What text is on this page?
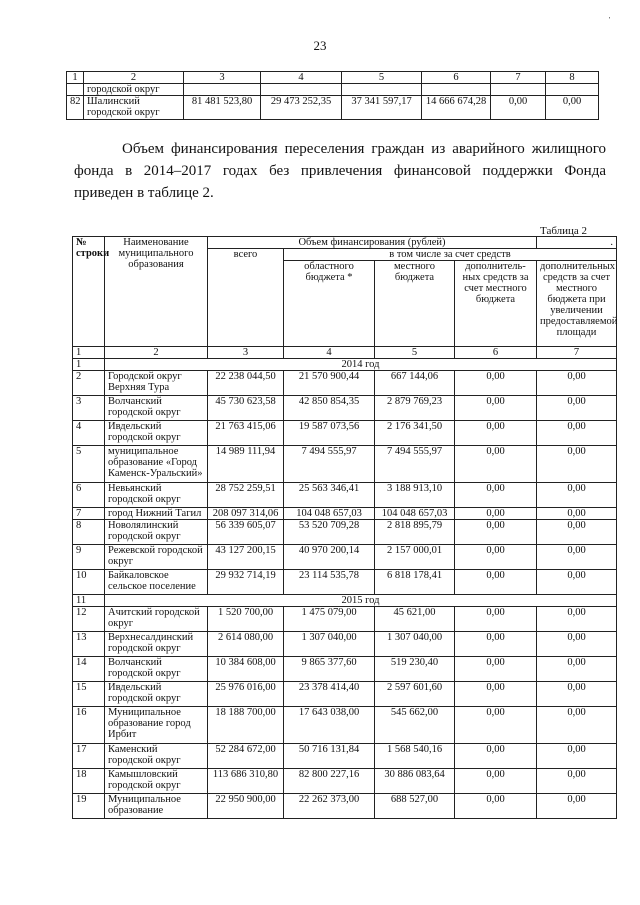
'
23
1	2	3	4	5	6	7	8
	городской округ						
82	Шалинский городской округ	81 481 523,80	29 473 252,35	37 341 597,17	14 666 674,28	0,00	0,00
Объем финансирования переселения граждан из аварийного жилищного фонда в 2014–2017 годах без привлечения финансовой поддержки Фонда приведен в таблице 2.
Таблица 2
№ строки	Наименование муниципального образования	Объем финансирования (рублей)				.
		всего	в том числе за счет средств			
			областного бюджета *	местного бюджета	дополнитель-ных средств за счет местного бюджета	дополнительных средств за счет местного бюджета при увеличении предоставляемой площади
1	2	3	4	5	6	7
1	2014 год					
2	Городской округ Верхняя Тура	22 238 044,50	21 570 900,44	667 144,06	0,00	0,00
3	Волчанский городской округ	45 730 623,58	42 850 854,35	2 879 769,23	0,00	0,00
4	Ивдельский городской округ	21 763 415,06	19 587 073,56	2 176 341,50	0,00	0,00
5	муниципальное образование «Город Каменск-Уральский»	14 989 111,94	7 494 555,97	7 494 555,97	0,00	0,00
6	Невьянский городской округ	28 752 259,51	25 563 346,41	3 188 913,10	0,00	0,00
7	город Нижний Тагил	208 097 314,06	104 048 657,03	104 048 657,03	0,00	0,00
8	Новолялинский городской округ	56 339 605,07	53 520 709,28	2 818 895,79	0,00	0,00
9	Режевской городской округ	43 127 200,15	40 970 200,14	2 157 000,01	0,00	0,00
10	Байкаловское сельское поселение	29 932 714,19	23 114 535,78	6 818 178,41	0,00	0,00
11	2015 год					
12	Ачитский городской округ	1 520 700,00	1 475 079,00	45 621,00	0,00	0,00
13	Верхнесалдинский городской округ	2 614 080,00	1 307 040,00	1 307 040,00	0,00	0,00
14	Волчанский городской округ	10 384 608,00	9 865 377,60	519 230,40	0,00	0,00
15	Ивдельский городской округ	25 976 016,00	23 378 414,40	2 597 601,60	0,00	0,00
16	Муниципальное образование город Ирбит	18 188 700,00	17 643 038,00	545 662,00	0,00	0,00
17	Каменский городской округ	52 284 672,00	50 716 131,84	1 568 540,16	0,00	0,00
18	Камышловский городской округ	113 686 310,80	82 800 227,16	30 886 083,64	0,00	0,00
19	Муниципальное образование	22 950 900,00	22 262 373,00	688 527,00	0,00	0,00
